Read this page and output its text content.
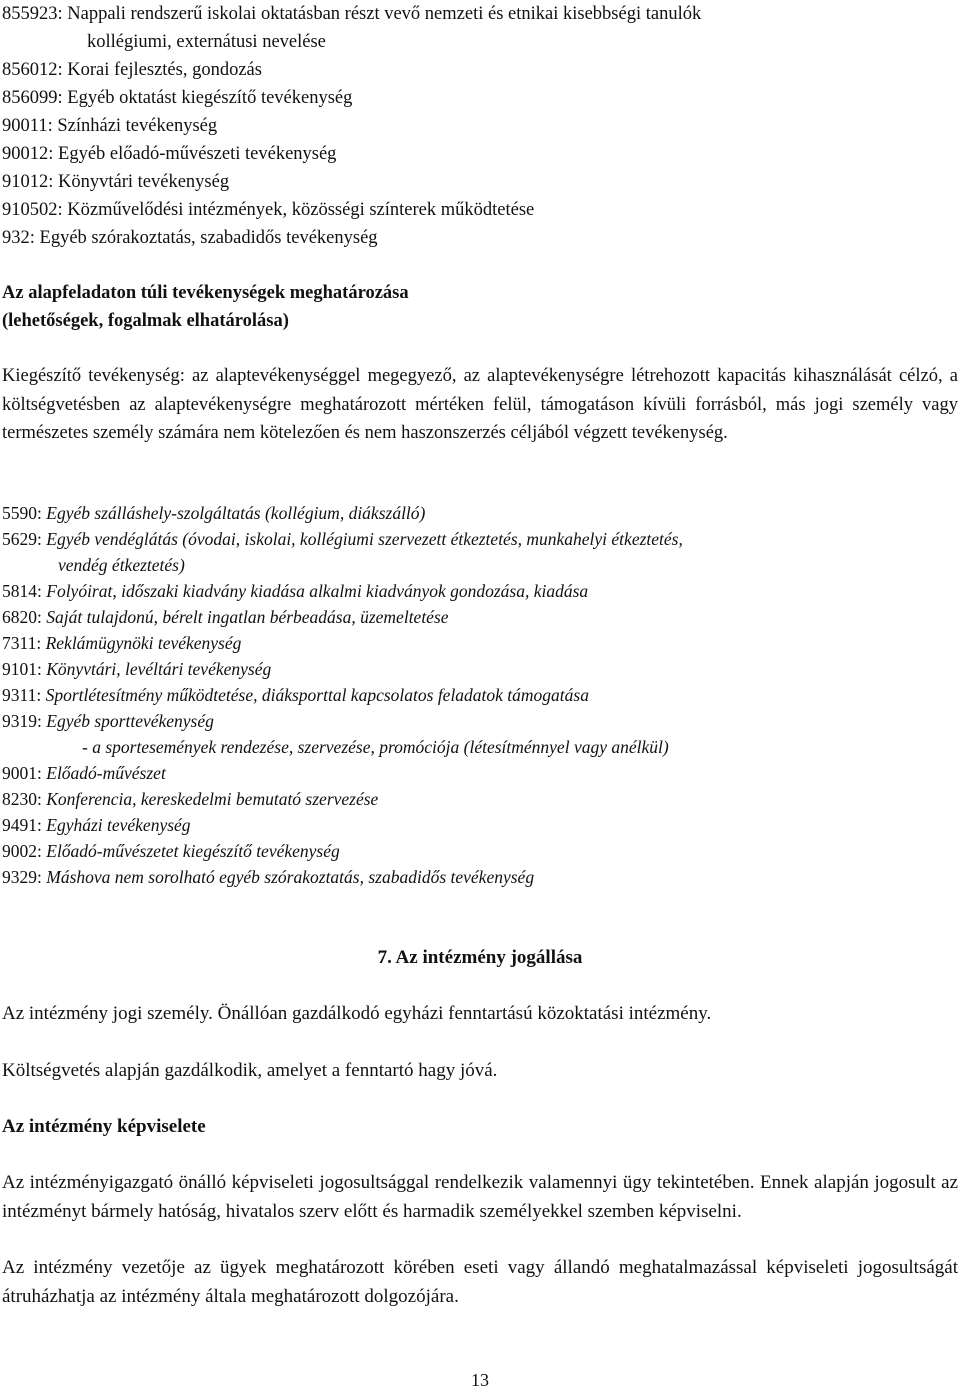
855923: Nappali rendszerű iskolai oktatásban részt vevő nemzeti és etnikai kisebbségi tanulók
kollégiumi, externátusi nevelése
856012: Korai fejlesztés, gondozás
856099: Egyéb oktatást kiegészítő tevékenység
90011: Színházi tevékenység
90012: Egyéb előadó-művészeti tevékenység
91012: Könyvtári tevékenység
910502: Közművelődési intézmények, közösségi színterek működtetése
932: Egyéb szórakoztatás, szabadidős tevékenység
Az alapfeladaton túli tevékenységek meghatározása
(lehetőségek, fogalmak elhatárolása)
Kiegészítő tevékenység: az alaptevékenységgel megegyező, az alaptevékenységre létrehozott kapacitás kihasználását célzó, a költségvetésben az alaptevékenységre meghatározott mértéken felül, támogatáson kívüli forrásból, más jogi személy vagy természetes személy számára nem kötelezően és nem haszonszerzés céljából végzett tevékenység.
5590: Egyéb szálláshely-szolgáltatás (kollégium, diákszálló)
5629: Egyéb vendéglátás (óvodai, iskolai, kollégiumi szervezett étkeztetés, munkahelyi étkeztetés,
vendég étkeztetés)
5814: Folyóirat, időszaki kiadvány kiadása alkalmi kiadványok gondozása, kiadása
6820: Saját tulajdonú, bérelt ingatlan bérbeadása, üzemeltetése
7311: Reklámügynöki tevékenység
9101: Könyvtári, levéltári tevékenység
9311: Sportlétesítmény működtetése, diáksporttal kapcsolatos feladatok támogatása
9319: Egyéb sporttevékenység
- a sportesemények rendezése, szervezése, promóciója (létesítménnyel vagy anélkül)
9001: Előadó-művészet
8230: Konferencia, kereskedelmi bemutató szervezése
9491: Egyházi tevékenység
9002: Előadó-művészetet kiegészítő tevékenység
9329: Máshova nem sorolható egyéb szórakoztatás, szabadidős tevékenység
7. Az intézmény jogállása
Az intézmény jogi személy. Önállóan gazdálkodó egyházi fenntartású közoktatási intézmény.
Költségvetés alapján gazdálkodik, amelyet a fenntartó hagy jóvá.
Az intézmény képviselete
Az intézményigazgató önálló képviseleti jogosultsággal rendelkezik valamennyi ügy tekintetében. Ennek alapján jogosult az intézményt bármely hatóság, hivatalos szerv előtt és harmadik személyekkel szemben képviselni.
Az intézmény vezetője az ügyek meghatározott körében eseti vagy állandó meghatalmazással képviseleti jogosultságát átruházhatja az intézmény általa meghatározott dolgozójára.
13
